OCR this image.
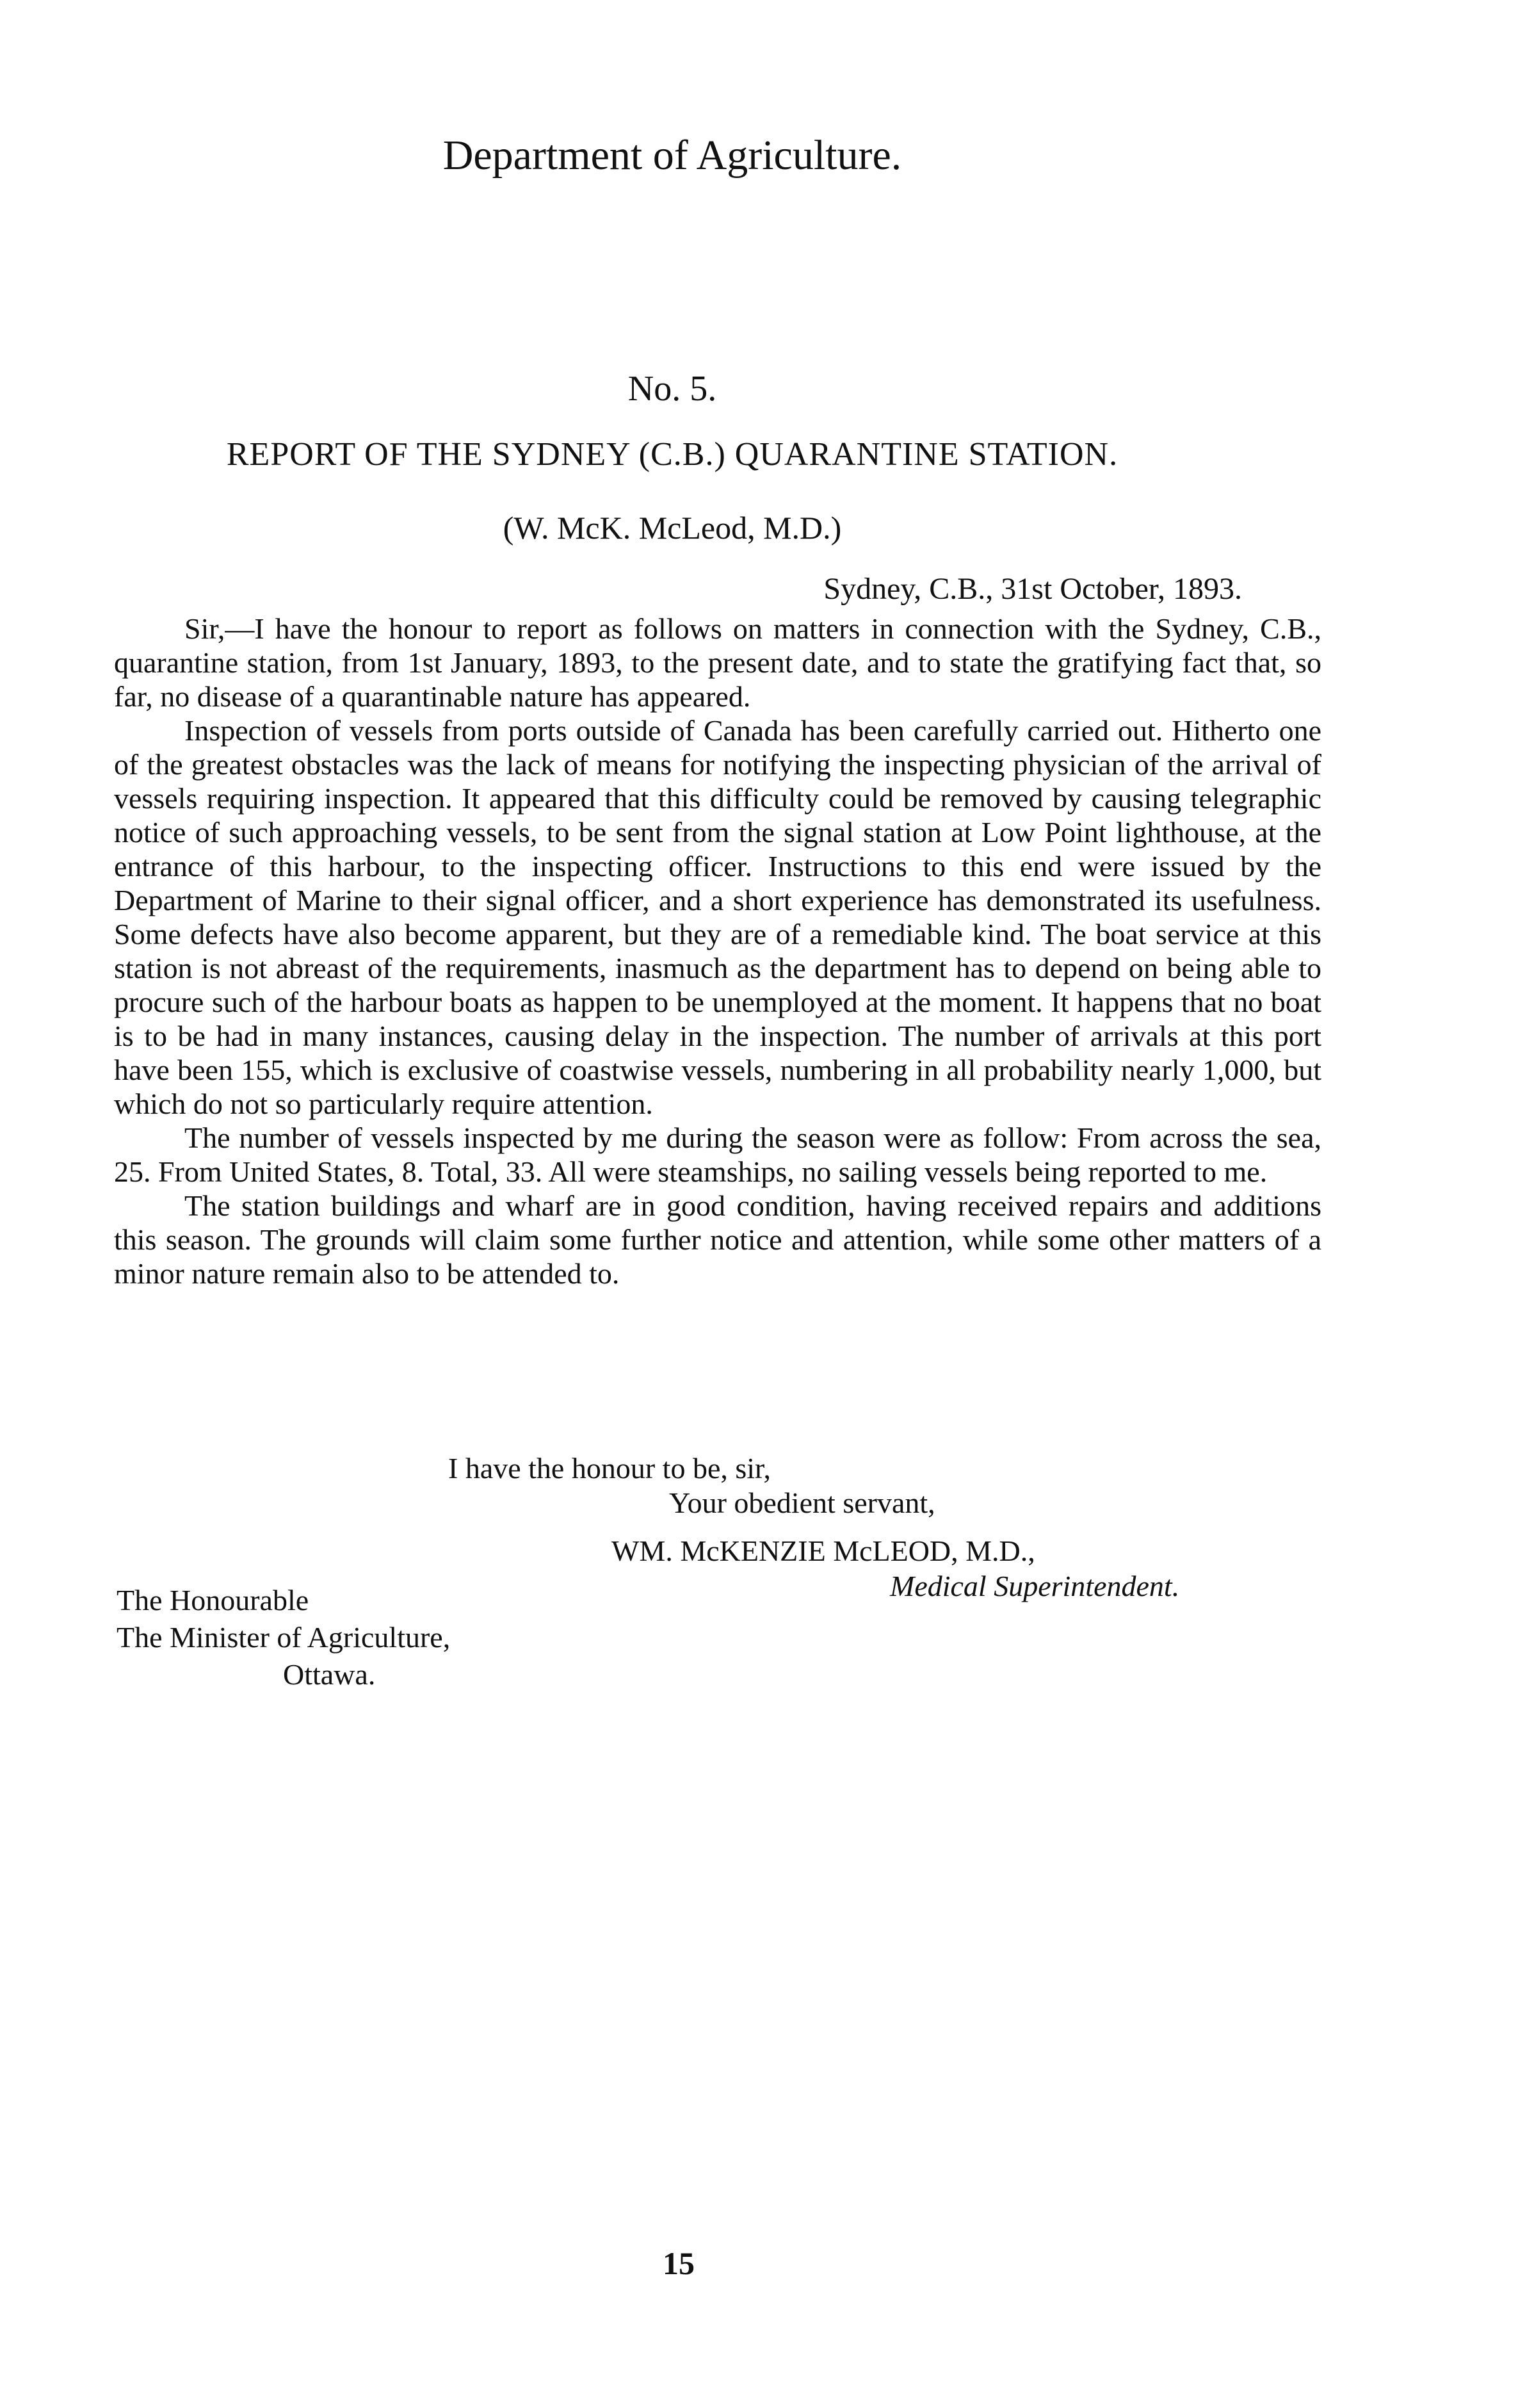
Department of Agriculture.
No. 5.
REPORT OF THE SYDNEY (C.B.) QUARANTINE STATION.
(W. McK. McLeod, M.D.)
Sydney, C.B., 31st October, 1893.

Sir,—I have the honour to report as follows on matters in connection with the Sydney, C.B., quarantine station, from 1st January, 1893, to the present date, and to state the gratifying fact that, so far, no disease of a quarantinable nature has appeared.

Inspection of vessels from ports outside of Canada has been carefully carried out. Hitherto one of the greatest obstacles was the lack of means for notifying the inspecting physician of the arrival of vessels requiring inspection. It appeared that this difficulty could be removed by causing telegraphic notice of such approaching vessels, to be sent from the signal station at Low Point lighthouse, at the entrance of this harbour, to the inspecting officer. Instructions to this end were issued by the Department of Marine to their signal officer, and a short experience has demonstrated its usefulness. Some defects have also become apparent, but they are of a remediable kind. The boat service at this station is not abreast of the requirements, inasmuch as the department has to depend on being able to procure such of the harbour boats as happen to be unemployed at the moment. It happens that no boat is to be had in many instances, causing delay in the inspection. The number of arrivals at this port have been 155, which is exclusive of coastwise vessels, numbering in all probability nearly 1,000, but which do not so particularly require attention.

The number of vessels inspected by me during the season were as follow: From across the sea, 25. From United States, 8. Total, 33. All were steamships, no sailing vessels being reported to me.

The station buildings and wharf are in good condition, having received repairs and additions this season. The grounds will claim some further notice and attention, while some other matters of a minor nature remain also to be attended to.

I have the honour to be, sir,
Your obedient servant,
WM. McKENZIE McLEOD, M.D.,
Medical Superintendent.
The Honourable
The Minister of Agriculture,
Ottawa.
15
